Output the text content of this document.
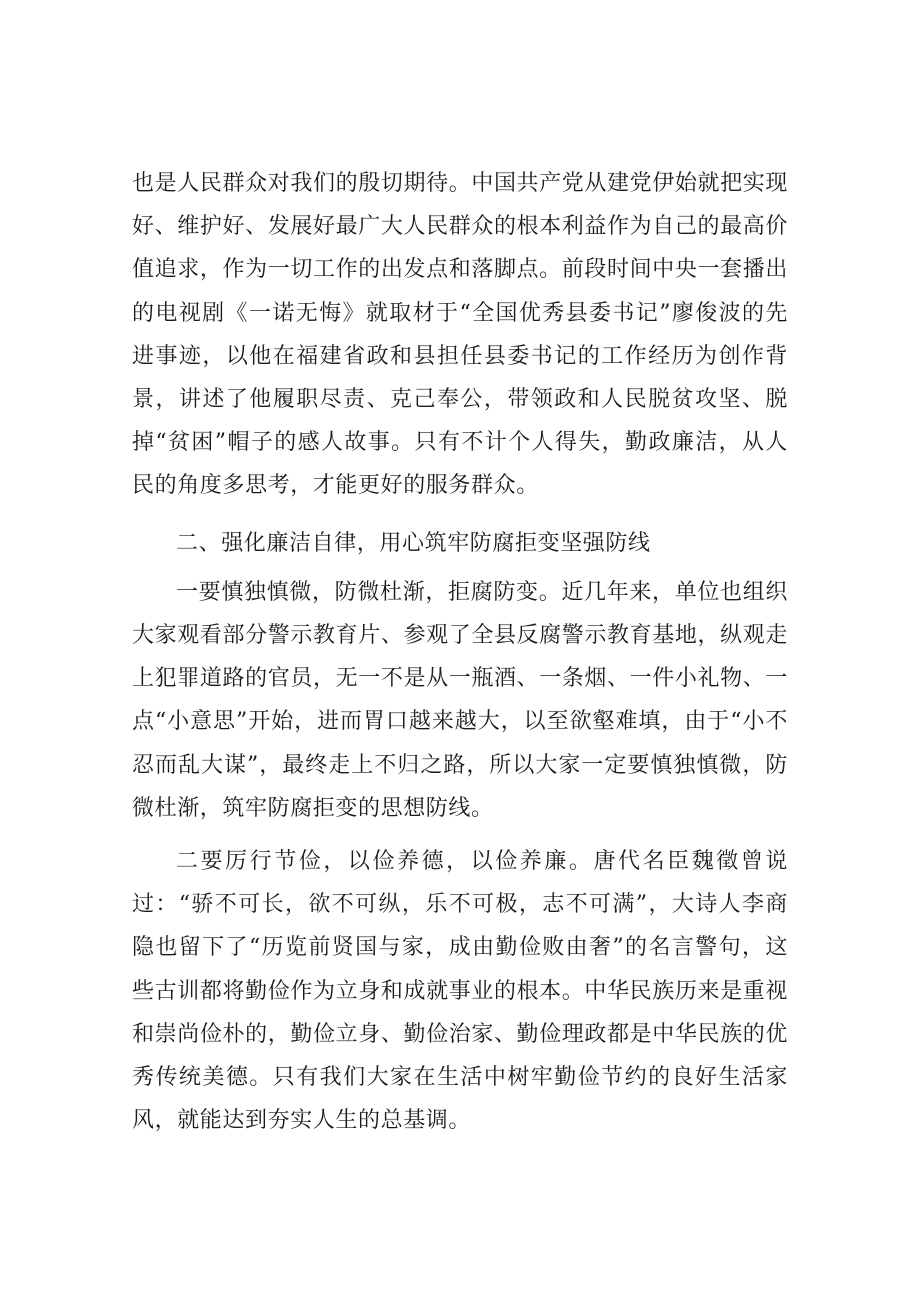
也是人民群众对我们的殷切期待。中国共产党从建党伊始就把实现好、维护好、发展好最广大人民群众的根本利益作为自己的最高价值追求，作为一切工作的出发点和落脚点。前段时间中央一套播出的电视剧《一诺无悔》就取材于“全国优秀县委书记”廖俊波的先进事迹，以他在福建省政和县担任县委书记的工作经历为创作背景，讲述了他履职尽责、克己奉公，带领政和人民脱贫攻坚、脱掉“贫困”帽子的感人故事。只有不计个人得失，勤政廉洁，从人民的角度多思考，才能更好的服务群众。

二、强化廉洁自律，用心筑牢防腐拒变坚强防线

一要慎独慎微，防微杜渐，拒腐防变。近几年来，单位也组织大家观看部分警示教育片、参观了全县反腐警示教育基地，纵观走上犯罪道路的官员，无一不是从一瓶酒、一条烟、一件小礼物、一点“小意思”开始，进而胃口越来越大，以至欲壑难填，由于“小不忍而乱大谋”，最终走上不归之路，所以大家一定要慎独慎微，防微杜渐，筑牢防腐拒变的思想防线。

二要厉行节俭，以俭养德，以俭养廉。唐代名臣魏徵曾说过：“骄不可长，欲不可纵，乐不可极，志不可满”，大诗人李商隐也留下了“历览前贤国与家，成由勤俭败由奢”的名言警句，这些古训都将勤俭作为立身和成就事业的根本。中华民族历来是重视和崇尚俭朴的，勤俭立身、勤俭治家、勤俭理政都是中华民族的优秀传统美德。只有我们大家在生活中树牢勤俭节约的良好生活家风，就能达到夯实人生的总基调。
